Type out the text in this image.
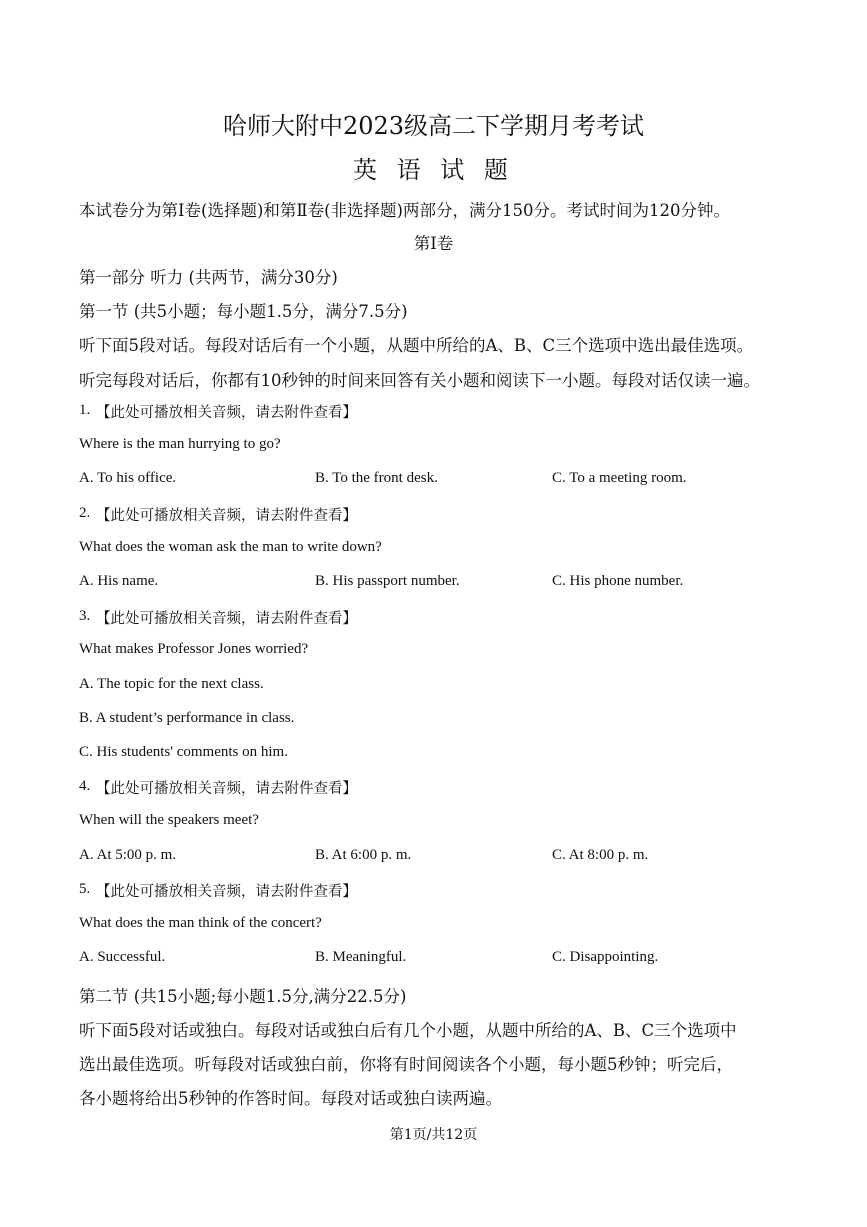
哈师大附中2023级高二下学期月考考试
英 语 试 题
本试卷分为第Ⅰ卷(选择题)和第Ⅱ卷(非选择题)两部分，满分150分。考试时间为120分钟。
第Ⅰ卷
第一部分 听力 (共两节，满分30分)
第一节 (共5小题；每小题1.5分，满分7.5分)
听下面5段对话。每段对话后有一个小题，从题中所给的A、B、C三个选项中选出最佳选项。
听完每段对话后，你都有10秒钟的时间来回答有关小题和阅读下一小题。每段对话仅读一遍。
1. 【此处可播放相关音频，请去附件查看】
Where is the man hurrying to go?
A. To his office.	B. To the front desk.	C. To a meeting room.
2. 【此处可播放相关音频，请去附件查看】
What does the woman ask the man to write down?
A. His name.	B. His passport number.	C. His phone number.
3. 【此处可播放相关音频，请去附件查看】
What makes Professor Jones worried?
A. The topic for the next class.
B. A student’s performance in class.
C. His students' comments on him.
4. 【此处可播放相关音频，请去附件查看】
When will the speakers meet?
A. At 5:00 p. m.	B. At 6:00 p. m.	C. At 8:00 p. m.
5. 【此处可播放相关音频，请去附件查看】
What does the man think of the concert?
A. Successful.	B. Meaningful.	C. Disappointing.
第二节 (共15小题;每小题1.5分,满分22.5分)
听下面5段对话或独白。每段对话或独白后有几个小题，从题中所给的A、B、C三个选项中
选出最佳选项。听每段对话或独白前，你将有时间阅读各个小题，每小题5秒钟；听完后，
各小题将给出5秒钟的作答时间。每段对话或独白读两遍。
第1页/共12页
